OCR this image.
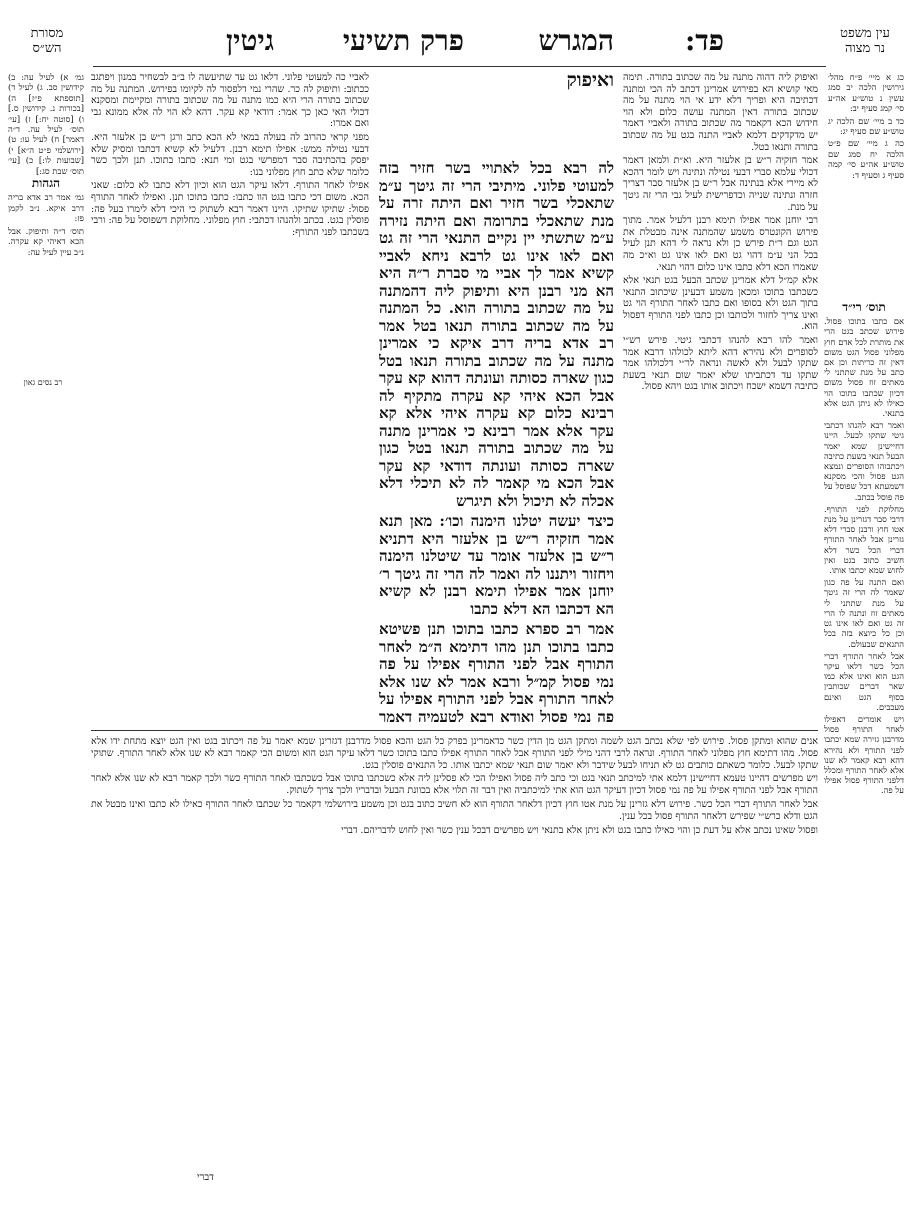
עין משפט
נר מצוה
פד:
המגרש
פרק תשיעי
גיטין
מסורת
הש״ס

כג א מיי׳ פ״ח מהל׳ גירושין הלכה יב סמג עשין נ טוש״ע אה״ע סי׳ קמג סעיף יב:

כד ב מיי׳ שם הלכה יג טוש״ע שם סעיף יג:

כה ג מיי׳ שם פ״ט הלכה יח סמג שם טוש״ע אה״ע סי׳ קמה סעיף ג וסעיף ד:

תוס׳ רי״ד

אם כתבו בתוכו פסול. פירוש שכתב בגט הרי את מותרת לכל אדם חוץ מפלוני פסול הגט משום דאין זה כריתות וכן אם כתב על מנת שתתני לי מאתים זוז פסול משום דכיון שכתבו בתוכו הוי כאילו לא ניתן הגט אלא בתנאי.

ואמר רבא להנהו דכתבי גיטי שתקו לבעל. היינו דחיישינן שמא יאמר הבעל תנאי בשעת כתיבה ויכתבוהו הסופרים ונמצא הגט פסול והכי מסקנא דשמעתא דכל שפוסל על פה פוסל בכתב.

מחלוקת לפני התורף. דרבי סבר דגזרינן על מנת אטו חוץ ורבנן סברי דלא גזרינן אבל לאחר התורף דברי הכל כשר דלא חשיב כתוב בגט ואין לחוש שמא יכתבו אותו.

ואם התנה על פה כגון שאמר לה הרי זה גיטך על מנת שתתני לי מאתים זוז ונתנה לו הרי זה גט ואם לאו אינו גט וכן כל כיוצא בזה בכל התנאים שבעולם.

אבל לאחר התורף דברי הכל כשר דלאו עיקר הגט הוא ואינו אלא כמו שאר דברים שכותבין בסוף הגט ואינם מעכבים.

ויש אומרים דאפילו לאחר התורף פסול מדרבנן גזירה שמא יכתבו לפני התורף ולא נהירא דהא רבא קאמר לא שנו אלא לאחר התורף ומכלל דלפני התורף פסול אפילו על פה.

ואיפוק ליה דהוה מתנה על מה שכתוב בתורה. תימה מאי קושיא הא בפירוש אמרינן דכתב לה הכי ומתנה דכתיבה היא ופריך דלא ידע אי הוי מתנה על מה שכתוב בתורה דאין המתנה עושה כלום ולא הוי חידוש הכא דקאמר מה שכתוב בתורה ולאביי דאמר יש מדקדקים דלמא לאביי התנה בגט על מה שכתוב בתורה ותנאו בטל.

אמר חזקיה ר״ש בן אלעזר היא. וא״ת ולמאן דאמר דכולי עלמא סברי דבעי נטילה ונתינה ויש לומר דהכא לא מיירי אלא בנתינה אבל ר״ש בן אלעזר סבר דצריך חזרה ונתינה שנייה וכדפרישית לעיל גבי הרי זה גיטך על מנת.

רבי יוחנן אמר אפילו תימא רבנן דלעיל אמר. מתוך פירוש הקונטרס משמע שהמתנה אינה מבטלת את הגט וגם ר״ת פירש כן ולא נראה לי דהא תנן לעיל בכל הני ע״מ דהוי גט ואם לאו אינו גט וא״כ מה שאמרו הכא דלא כתבו אינו כלום דהוי תנאי.

אלא קמ״ל דלא אמרינן שכתב הבעל בגט תנאי אלא כשכתבו בתוכו ומכאן משמע דבעינן שיכתוב התנאי בתוך הגט ולא בסופו ואם כתבו לאחר התורף הוי גט ואינו צריך לחזור ולכותבו וכן כתבו לפני התורף דפסול הוא.

ואמר להו רבא להנהו דכתבי גיטי. פירש רש״י לסופרים ולא נהירא דהא ליתא לכולהו דרבא אמר שתקו לבעל ולא לאשה ונראה לר״י דלכולהו אמר שתקו עד דכתביתו שלא יאמר שום תנאי בשעת כתיבה דשמא ישכח ויכתוב אותו בגט ויהא פסול.

ואיפוק

לה רבא בכל לאתויי בשר חזיר בזה למעוטי פלוני. מיתיבי הרי זה גיטך ע״מ שתאכלי בשר חזיר ואם היתה זרה על מנת שתאכלי בתרומה ואם היתה נזירה ע״מ שתשתי יין נקיים התנאי הרי זה גט ואם לאו אינו גט לרבא ניחא לאביי קשיא אמר לך אביי מי סברת ר״ה היא הא מני רבנן היא ותיפוק ליה דהמתנה על מה שכתוב בתורה הוא. כל המתנה על מה שכתוב בתורה תנאו בטל אמר רב אדא בריה דרב איקא כי אמרינן מתנה על מה שכתוב בתורה תנאו בטל כגון שארה כסותה ועונתה דהוא קא עקר אבל הכא איהי קא עקרה מתקיף לה רבינא כלום קא עקרה איהי אלא קא עקר אלא אמר רבינא כי אמרינן מתנה על מה שכתוב בתורה תנאו בטל כגון שארה כסותה ועונתה דודאי קא עקר אבל הכא מי קאמר לה לא תיכלי דלא אכלה לא תיכול ולא תיגרש

כיצד יעשה יטלנו הימנה וכו׳: מאן תנא אמר חזקיה ר״ש בן אלעזר היא דתניא ר״ש בן אלעזר אומר עד שיטלנו הימנה ויחזור ויתננו לה ואמר לה הרי זה גיטך ר׳ יוחנן אמר אפילו תימא רבנן לא קשיא הא דכתבו הא דלא כתבו

אמר רב ספרא כתבו בתוכו תנן פשיטא כתבו בתוכו תנן מהו דתימא ה״מ לאחר התורף אבל לפני התורף אפילו על פה נמי פסול קמ״ל ורבא אמר לא שנו אלא לאחר התורף אבל לפני התורף אפילו על פה נמי פסול ואודא רבא לטעמיה דאמר

לאביי כה למעוטי פלוני. דלאו גט עד שתיעשה לו ב״ב לבשחיר במנון ויפתגב ככתוב: ותיפוק לה כר. שהרי נמי דלפסור לה לקיומו בפירוש. המתנה על מה שכתוב בתורה הרי היא כמו מתנה על מה שכתוב בתורה ומקיימת ומסקנא דכולי האי כאן כך אמר: דודאי קא עקר. דהא לא הוי לה אלא ממונא גבי ואם אמרו:

מפני קראי כהרוב לה בעולה במאי לא הכא כתב ורגן ר״ש בן אלעזר היא. דבעי נטילה ממש: אפילו תימא רבנן. דלעיל לא קשיא דכתבו ומסיק שלא יפסק בהכתיבה סבר דמפרשי בגט ומי תנא: כתבו בתוכו. תנן ולכך כשר כלומר שלא כתב חוץ מפלוני בנו:

אפילו לאחר התורף. דלאו עיקר הגט הוא וכיון דלא כתבו לא כלום: שאני הכא. משום דכי כתבו בגט הוו כתבו: כתבו בתוכו תנן. ואפילו לאחר התורף פסול: שתיקו שתיקו. היינו דאמר רבא לשתוק כי היכי דלא לימרו בעל פה: פוסלין בגט. בכתב ולהנהו דכתבי: חוץ מפלוני. מחלוקת דשפוסל על פה: ורבי בשכתבו לפני התורף:

גמ׳ א) לעיל עה: ב) קידושין סב. ג) לעיל ד) [תוספתא פ״ז] ה) [בכורות נ. קידושין ס.] ו) [סוטה יח:] ז) [עי׳ תוס׳ לעיל עה. ד״ה דאמר] ח) לעיל עו: ט) [ירושלמי פ״ט ה״א] י) [שבועות לו:] כ) [עי׳ תוס׳ שבת סג:]

הגהות

גמ׳ אמר רב אדא בריה דרב איקא. נ״ב לקמן פז:

תוס׳ ד״ה ותיפוק. אבל הכא דאיהי קא עקרה. נ״ב עיין לעיל עה:

רב נסים גאון

אנים שהוא ומתקן פסול. פירוש לפי שלא נכתב הגט לשמה ומתקן הגט מן הדין כשר כדאמרינן בפרק כל הגט והכא פסול מדרבנן דגזרינן שמא יאמר על פה ויכתוב בגט ואין הגט יוצא מתחת ידו אלא פסול. מהו דתימא חוץ מפלוני לאחר התורף. ונראה לרבי דהני מילי לפני התורף אבל לאחר התורף אפילו כתבו בתוכו כשר דלאו עיקר הגט הוא ומשום הכי קאמר רבא לא שנו אלא לאחר התורף. שתוקי שתקו לבעל. כלומר כשאתם כותבים גט לא תניחו לבעל שידבר ולא יאמר שום תנאי שמא יכתבו אותו. כל התנאים פוסלין בגט.

ויש מפרשים דהיינו טעמא דחיישינן דלמא אתי למיכתב תנאי בגט וכי כתב ליה פסול ואפילו הכי לא פסלינן ליה אלא כשכתבו בתוכו אבל כשכתבו לאחר התורף כשר ולכך קאמר רבא לא שנו אלא לאחר התורף אבל לפני התורף אפילו על פה נמי פסול דכיון דעיקר הגט הוא אתי למיכתביה ואין דבר זה תלוי אלא בכוונת הבעל ובדבריו ולכך צריך לשתוק.

אבל לאחר התורף דברי הכל כשר. פירוש דלא גזרינן על מנת אטו חוץ דכיון דלאחר התורף הוא לא חשיב כתוב בגט וכן משמע בירושלמי דקאמר כל שכתבו לאחר התורף כאילו לא כתבו ואינו מבטל את הגט ודלא כרש״י שפירש דלאחר התורף פסול בכל ענין.

ופסול שאינו נכתב אלא על דעת כן והוי כאילו כתבו בגט ולא ניתן אלא בתנאי ויש מפרשים דבכל ענין כשר ואין לחוש לדבריהם. דברי

דברי
